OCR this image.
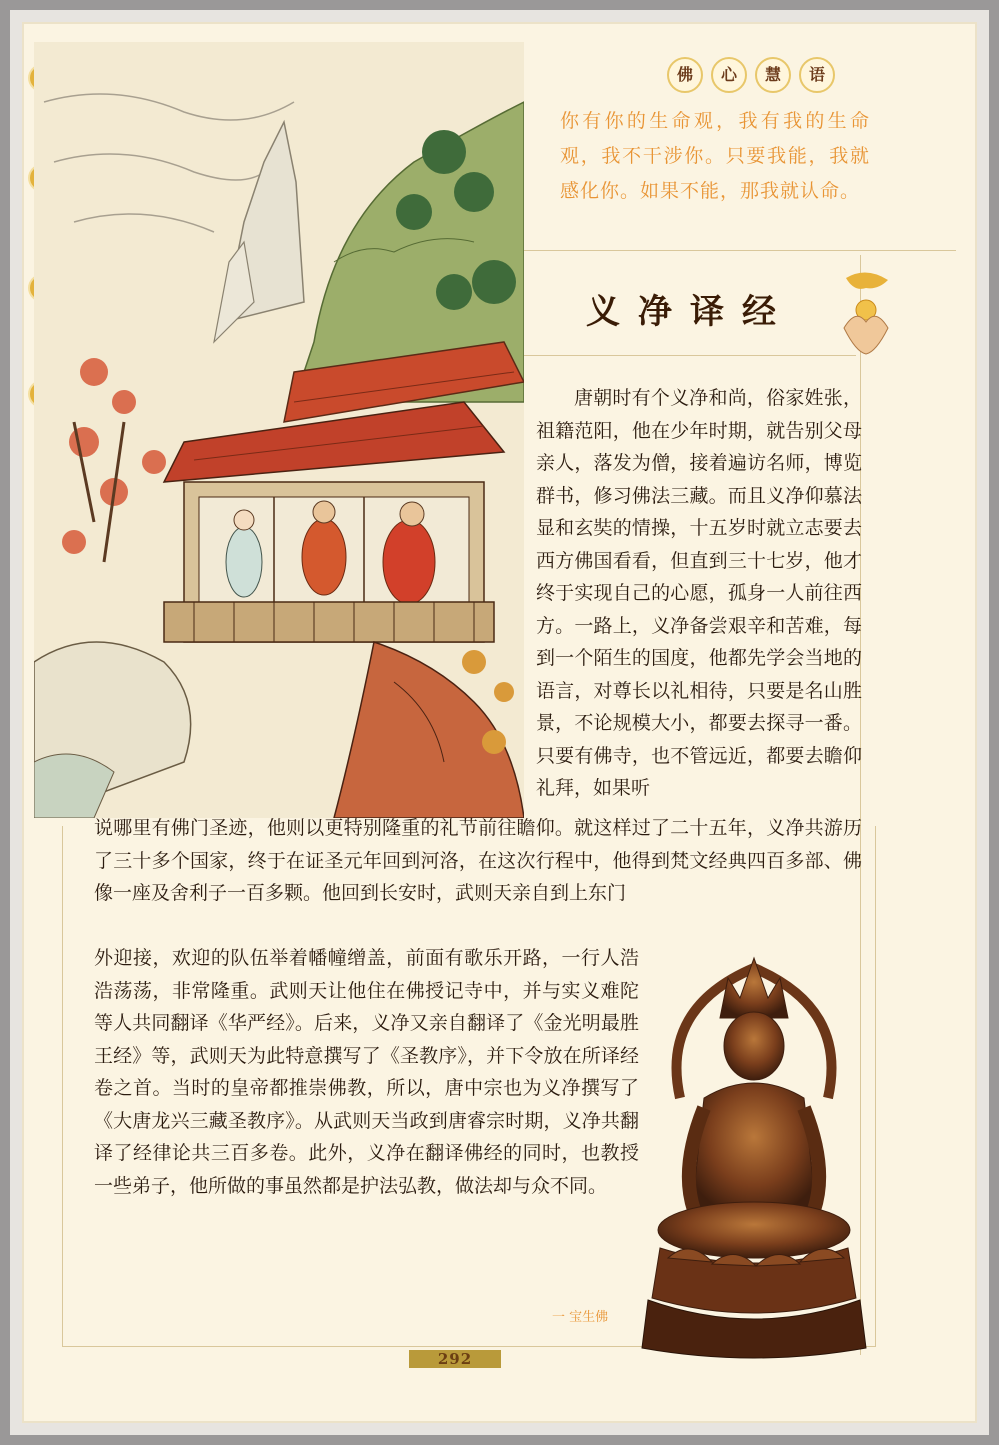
佛	心	慧	语
你有你的生命观，我有我的生命观，我不干涉你。只要我能，我就感化你。如果不能，那我就认命。
义净译经
唐朝时有个义净和尚，俗家姓张，祖籍范阳，他在少年时期，就告别父母亲人，落发为僧，接着遍访名师，博览群书，修习佛法三藏。而且义净仰慕法显和玄奘的情操，十五岁时就立志要去西方佛国看看，但直到三十七岁，他才终于实现自己的心愿，孤身一人前往西方。一路上，义净备尝艰辛和苦难，每到一个陌生的国度，他都先学会当地的语言，对尊长以礼相待，只要是名山胜景，不论规模大小，都要去探寻一番。只要有佛寺，也不管远近，都要去瞻仰礼拜，如果听
说哪里有佛门圣迹，他则以更特别隆重的礼节前往瞻仰。就这样过了二十五年，义净共游历了三十多个国家，终于在证圣元年回到河洛，在这次行程中，他得到梵文经典四百多部、佛像一座及舍利子一百多颗。他回到长安时，武则天亲自到上东门
外迎接，欢迎的队伍举着幡幢缯盖，前面有歌乐开路，一行人浩浩荡荡，非常隆重。武则天让他住在佛授记寺中，并与实义难陀等人共同翻译《华严经》。后来，义净又亲自翻译了《金光明最胜王经》等，武则天为此特意撰写了《圣教序》，并下令放在所译经卷之首。当时的皇帝都推崇佛教，所以，唐中宗也为义净撰写了《大唐龙兴三藏圣教序》。从武则天当政到唐睿宗时期，义净共翻译了经律论共三百多卷。此外，义净在翻译佛经的同时，也教授一些弟子，他所做的事虽然都是护法弘教，做法却与众不同。
一 宝生佛
292
